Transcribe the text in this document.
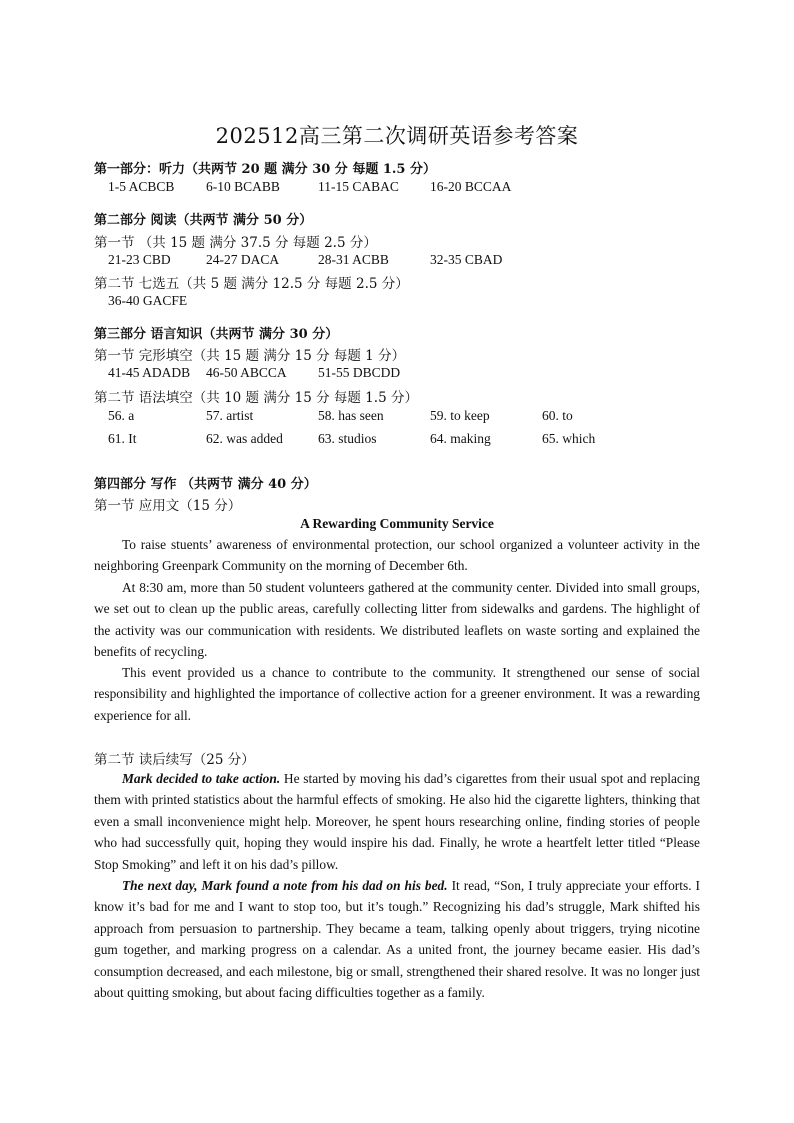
202512高三第二次调研英语参考答案
第一部分：听力（共两节 20 题 满分 30 分 每题 1.5 分）
1-5 ACBCB 6-10 BCABB	11-15 CABAC 16-20 BCCAA
第二部分 阅读（共两节 满分 50 分）
第一节 （共 15 题 满分 37.5 分 每题 2.5 分）
21-23 CBD	24-27 DACA	28-31 ACBB	32-35 CBAD
第二节 七选五（共 5 题 满分 12.5 分 每题 2.5 分）
36-40 GACFE
第三部分 语言知识（共两节 满分 30 分）
第一节 完形填空（共 15 题 满分 15 分 每题 1 分）
41-45 ADADB 46-50 ABCCA 51-55 DBCDD
第二节 语法填空（共 10 题 满分 15 分 每题 1.5 分）
56. a	57. artist	58. has seen	59. to keep	60. to
61. It	62. was added	63. studios	64. making	65. which
第四部分 写作 （共两节 满分 40 分）
第一节 应用文（15 分）
A Rewarding Community Service
To raise stuents’ awareness of environmental protection, our school organized a volunteer activity in the neighboring Greenpark Community on the morning of December 6th.
At 8:30 am, more than 50 student volunteers gathered at the community center. Divided into small groups, we set out to clean up the public areas, carefully collecting litter from sidewalks and gardens. The highlight of the activity was our communication with residents. We distributed leaflets on waste sorting and explained the benefits of recycling.
This event provided us a chance to contribute to the community. It strengthened our sense of social responsibility and highlighted the importance of collective action for a greener environment. It was a rewarding experience for all.
第二节 读后续写（25 分）
Mark decided to take action. He started by moving his dad’s cigarettes from their usual spot and replacing them with printed statistics about the harmful effects of smoking. He also hid the cigarette lighters, thinking that even a small inconvenience might help. Moreover, he spent hours researching online, finding stories of people who had successfully quit, hoping they would inspire his dad. Finally, he wrote a heartfelt letter titled “Please Stop Smoking” and left it on his dad’s pillow.
The next day, Mark found a note from his dad on his bed. It read, “Son, I truly appreciate your efforts. I know it’s bad for me and I want to stop too, but it’s tough.” Recognizing his dad’s struggle, Mark shifted his approach from persuasion to partnership. They became a team, talking openly about triggers, trying nicotine gum together, and marking progress on a calendar. As a united front, the journey became easier. His dad’s consumption decreased, and each milestone, big or small, strengthened their shared resolve. It was no longer just about quitting smoking, but about facing difficulties together as a family.
